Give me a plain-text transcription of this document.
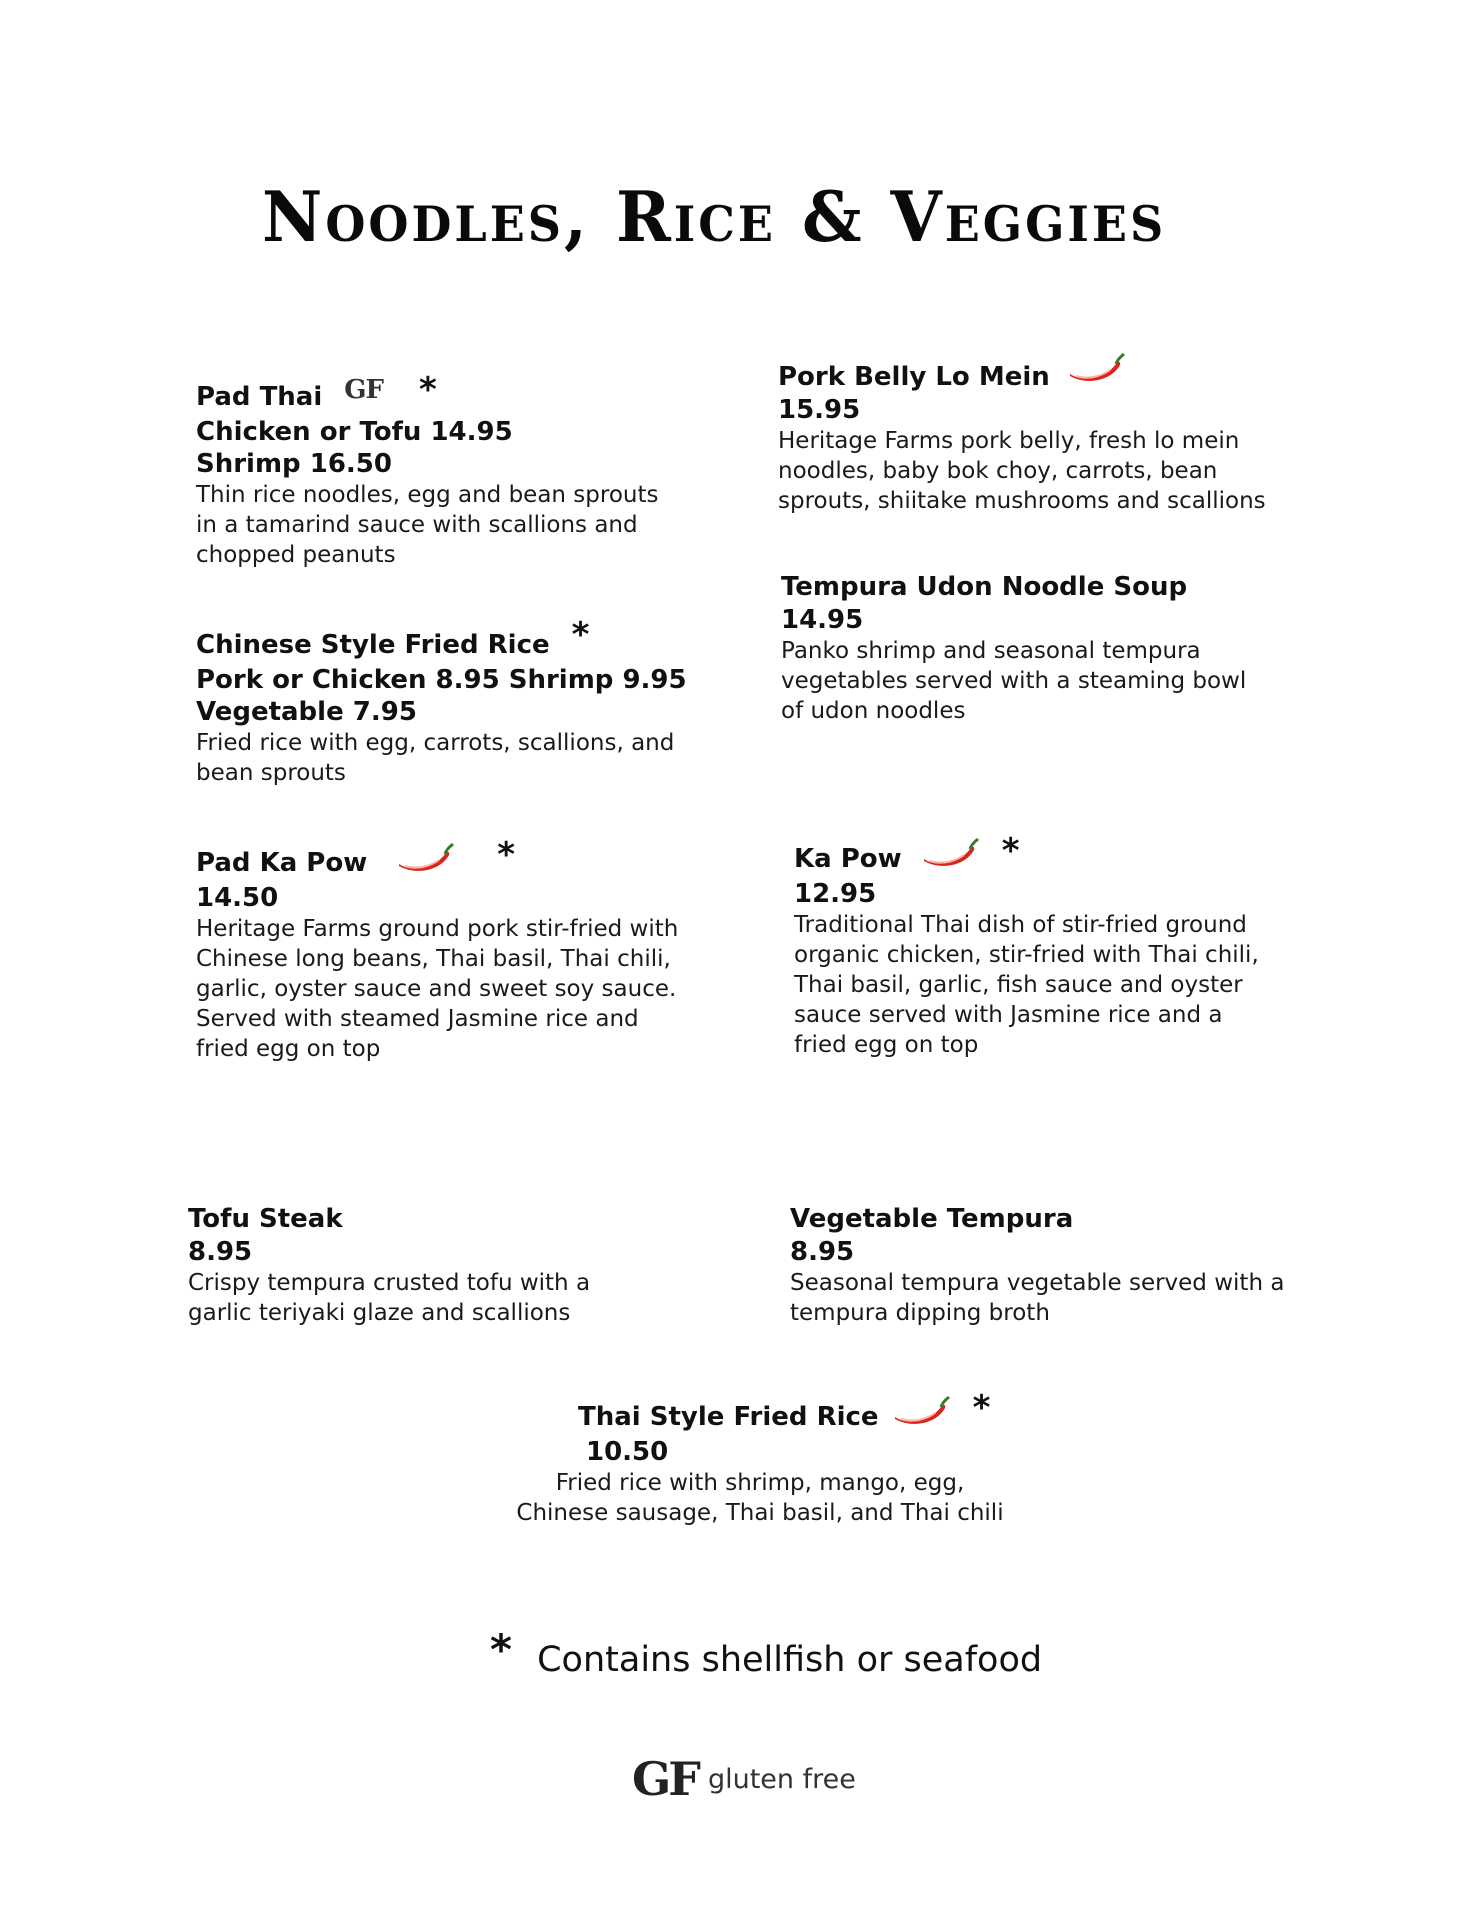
Noodles, Rice & Veggies
Pad Thai GF *
Chicken or Tofu 14.95
Shrimp 16.50
Thin rice noodles, egg and bean sprouts
in a tamarind sauce with scallions and
chopped peanuts
Pork Belly Lo Mein
15.95
Heritage Farms pork belly, fresh lo mein
noodles, baby bok choy, carrots, bean
sprouts, shiitake mushrooms and scallions
Tempura Udon Noodle Soup
14.95
Panko shrimp and seasonal tempura
vegetables served with a steaming bowl
of udon noodles
Chinese Style Fried Rice *
Pork or Chicken 8.95 Shrimp 9.95
Vegetable 7.95
Fried rice with egg, carrots, scallions, and
bean sprouts
Pad Ka Pow	*
14.50
Heritage Farms ground pork stir-fried with
Chinese long beans, Thai basil, Thai chili,
garlic, oyster sauce and sweet soy sauce.
Served with steamed Jasmine rice and
fried egg on top
Ka Pow	*
12.95
Traditional Thai dish of stir-fried ground
organic chicken, stir-fried with Thai chili,
Thai basil, garlic, fish sauce and oyster
sauce served with Jasmine rice and a
fried egg on top
Tofu Steak
8.95
Crispy tempura crusted tofu with a
garlic teriyaki glaze and scallions
Vegetable Tempura
8.95
Seasonal tempura vegetable served with a
tempura dipping broth
Thai Style Fried Rice	*
10.50
Fried rice with shrimp, mango, egg,
Chinese sausage, Thai basil, and Thai chili
* Contains shellfish or seafood
GF gluten free
